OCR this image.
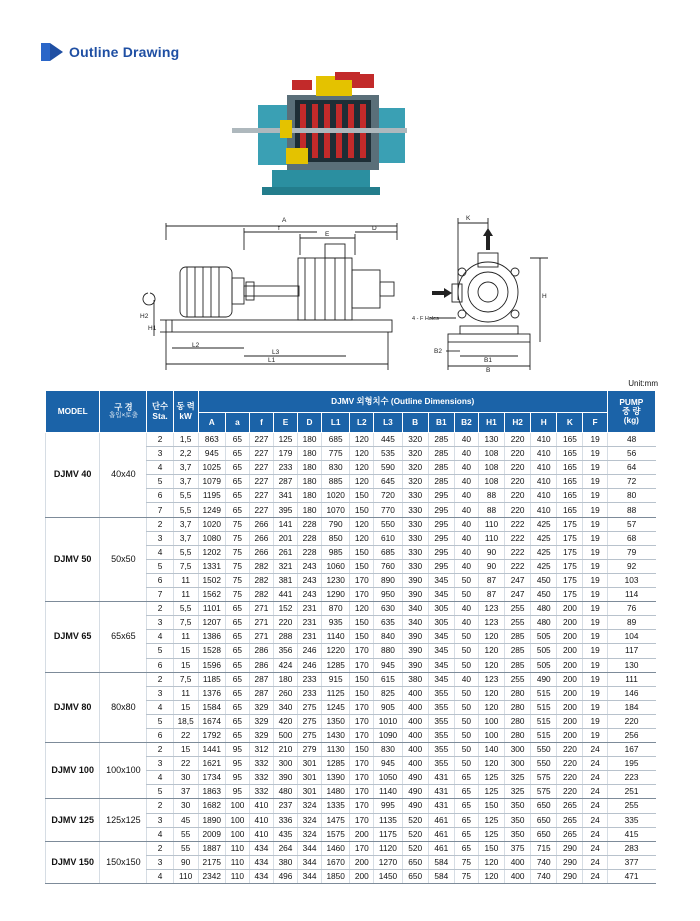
Outline Drawing
A
f
E
D
H1
H2
L2
L3
L1
K
H
4 - F Holes
B2
B1
B
Unit:mm
MODEL	구 경
흡입×토출	단수
Sta.	동 력
kW	DJMV 외형치수 (Outline Dimensions)																PUMP
중 량
(kg)
				A	a	f	E	D	L1	L2	L3	B	B1	B2	H1	H2	H	K	F	
DJMV 40	40x40	2	1,5	863	65	227	125	180	685	120	445	320	285	40	130	220	410	165	19	48
		3	2,2	945	65	227	179	180	775	120	535	320	285	40	108	220	410	165	19	56
		4	3,7	1025	65	227	233	180	830	120	590	320	285	40	108	220	410	165	19	64
		5	3,7	1079	65	227	287	180	885	120	645	320	285	40	108	220	410	165	19	72
		6	5,5	1195	65	227	341	180	1020	150	720	330	295	40	88	220	410	165	19	80
		7	5,5	1249	65	227	395	180	1070	150	770	330	295	40	88	220	410	165	19	88
DJMV 50	50x50	2	3,7	1020	75	266	141	228	790	120	550	330	295	40	110	222	425	175	19	57
		3	3,7	1080	75	266	201	228	850	120	610	330	295	40	110	222	425	175	19	68
		4	5,5	1202	75	266	261	228	985	150	685	330	295	40	90	222	425	175	19	79
		5	7,5	1331	75	282	321	243	1060	150	760	330	295	40	90	222	425	175	19	92
		6	11	1502	75	282	381	243	1230	170	890	390	345	50	87	247	450	175	19	103
		7	11	1562	75	282	441	243	1290	170	950	390	345	50	87	247	450	175	19	114
DJMV 65	65x65	2	5,5	1101	65	271	152	231	870	120	630	340	305	40	123	255	480	200	19	76
		3	7,5	1207	65	271	220	231	935	150	635	340	305	40	123	255	480	200	19	89
		4	11	1386	65	271	288	231	1140	150	840	390	345	50	120	285	505	200	19	104
		5	15	1528	65	286	356	246	1220	170	880	390	345	50	120	285	505	200	19	117
		6	15	1596	65	286	424	246	1285	170	945	390	345	50	120	285	505	200	19	130
DJMV 80	80x80	2	7,5	1185	65	287	180	233	915	150	615	380	345	40	123	255	490	200	19	111
		3	11	1376	65	287	260	233	1125	150	825	400	355	50	120	280	515	200	19	146
		4	15	1584	65	329	340	275	1245	170	905	400	355	50	120	280	515	200	19	184
		5	18,5	1674	65	329	420	275	1350	170	1010	400	355	50	100	280	515	200	19	220
		6	22	1792	65	329	500	275	1430	170	1090	400	355	50	100	280	515	200	19	256
DJMV 100	100x100	2	15	1441	95	312	210	279	1130	150	830	400	355	50	140	300	550	220	24	167
		3	22	1621	95	332	300	301	1285	170	945	400	355	50	120	300	550	220	24	195
		4	30	1734	95	332	390	301	1390	170	1050	490	431	65	125	325	575	220	24	223
		5	37	1863	95	332	480	301	1480	170	1140	490	431	65	125	325	575	220	24	251
DJMV 125	125x125	2	30	1682	100	410	237	324	1335	170	995	490	431	65	150	350	650	265	24	255
		3	45	1890	100	410	336	324	1475	170	1135	520	461	65	125	350	650	265	24	335
		4	55	2009	100	410	435	324	1575	200	1175	520	461	65	125	350	650	265	24	415
DJMV 150	150x150	2	55	1887	110	434	264	344	1460	170	1120	520	461	65	150	375	715	290	24	283
		3	90	2175	110	434	380	344	1670	200	1270	650	584	75	120	400	740	290	24	377
		4	110	2342	110	434	496	344	1850	200	1450	650	584	75	120	400	740	290	24	471
